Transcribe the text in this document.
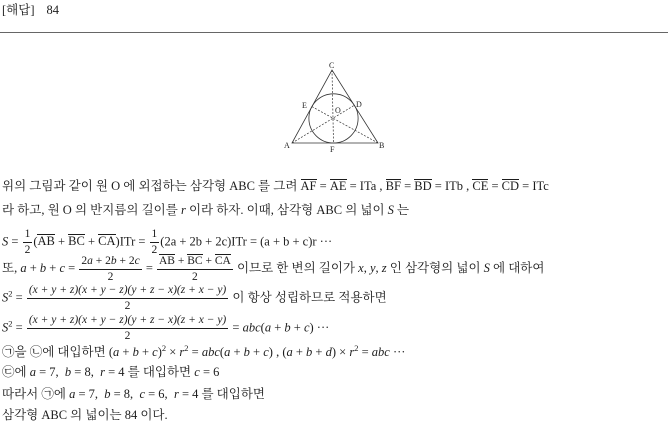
[해답] 84
C
E
O
D
A	F	B
위의 그림과 같이 원 O 에 외접하는 삼각형 ABC 를 그려 AF = AE = ITa , BF = BD = ITb , CE = CD = ITc
라 하고, 원 O 의 반지름의 길이를 r 이라 하자. 이때, 삼각형 ABC 의 넓이 S 는
$S = \frac{1}{2} (AB$ + BC + $CA)ITr = \frac{1}{2} (2a + 2b + 2c)ITr = (a + b + c)r$ ···
또, $a + b + c = \frac{2a + 2b + 2c}{2} = \frac{AB + BC + CA}{2}$ 이므로 한 변의 길이가 x, y, z 인 삼각형의 넓이 S 에 대하여
$S^2 = \frac{(x + y + z)(x + y - z)(y + z - x)(z + x - y)}{2}$ 이 항상 성립하므로 적용하면
$S^2 = \frac{(x + y + z)(x + y - z)(y + z - x)(z + x - y)}{2} = abc(a + b + c)$ ···
㉠을 ㉡에 대입하면 $(a + b + c)^2 \times r^2 = abc(a + b + c)$ , $(a + b + d) \times r^2$ = abc ···
㉢에 a = 7,  b = 8,  r = 4 를 대입하면 c = 6
따라서 ㉠에 a = 7,  b = 8,  c = 6,  r = 4 를 대입하면
삼각형 ABC 의 넓이는 84 이다.
